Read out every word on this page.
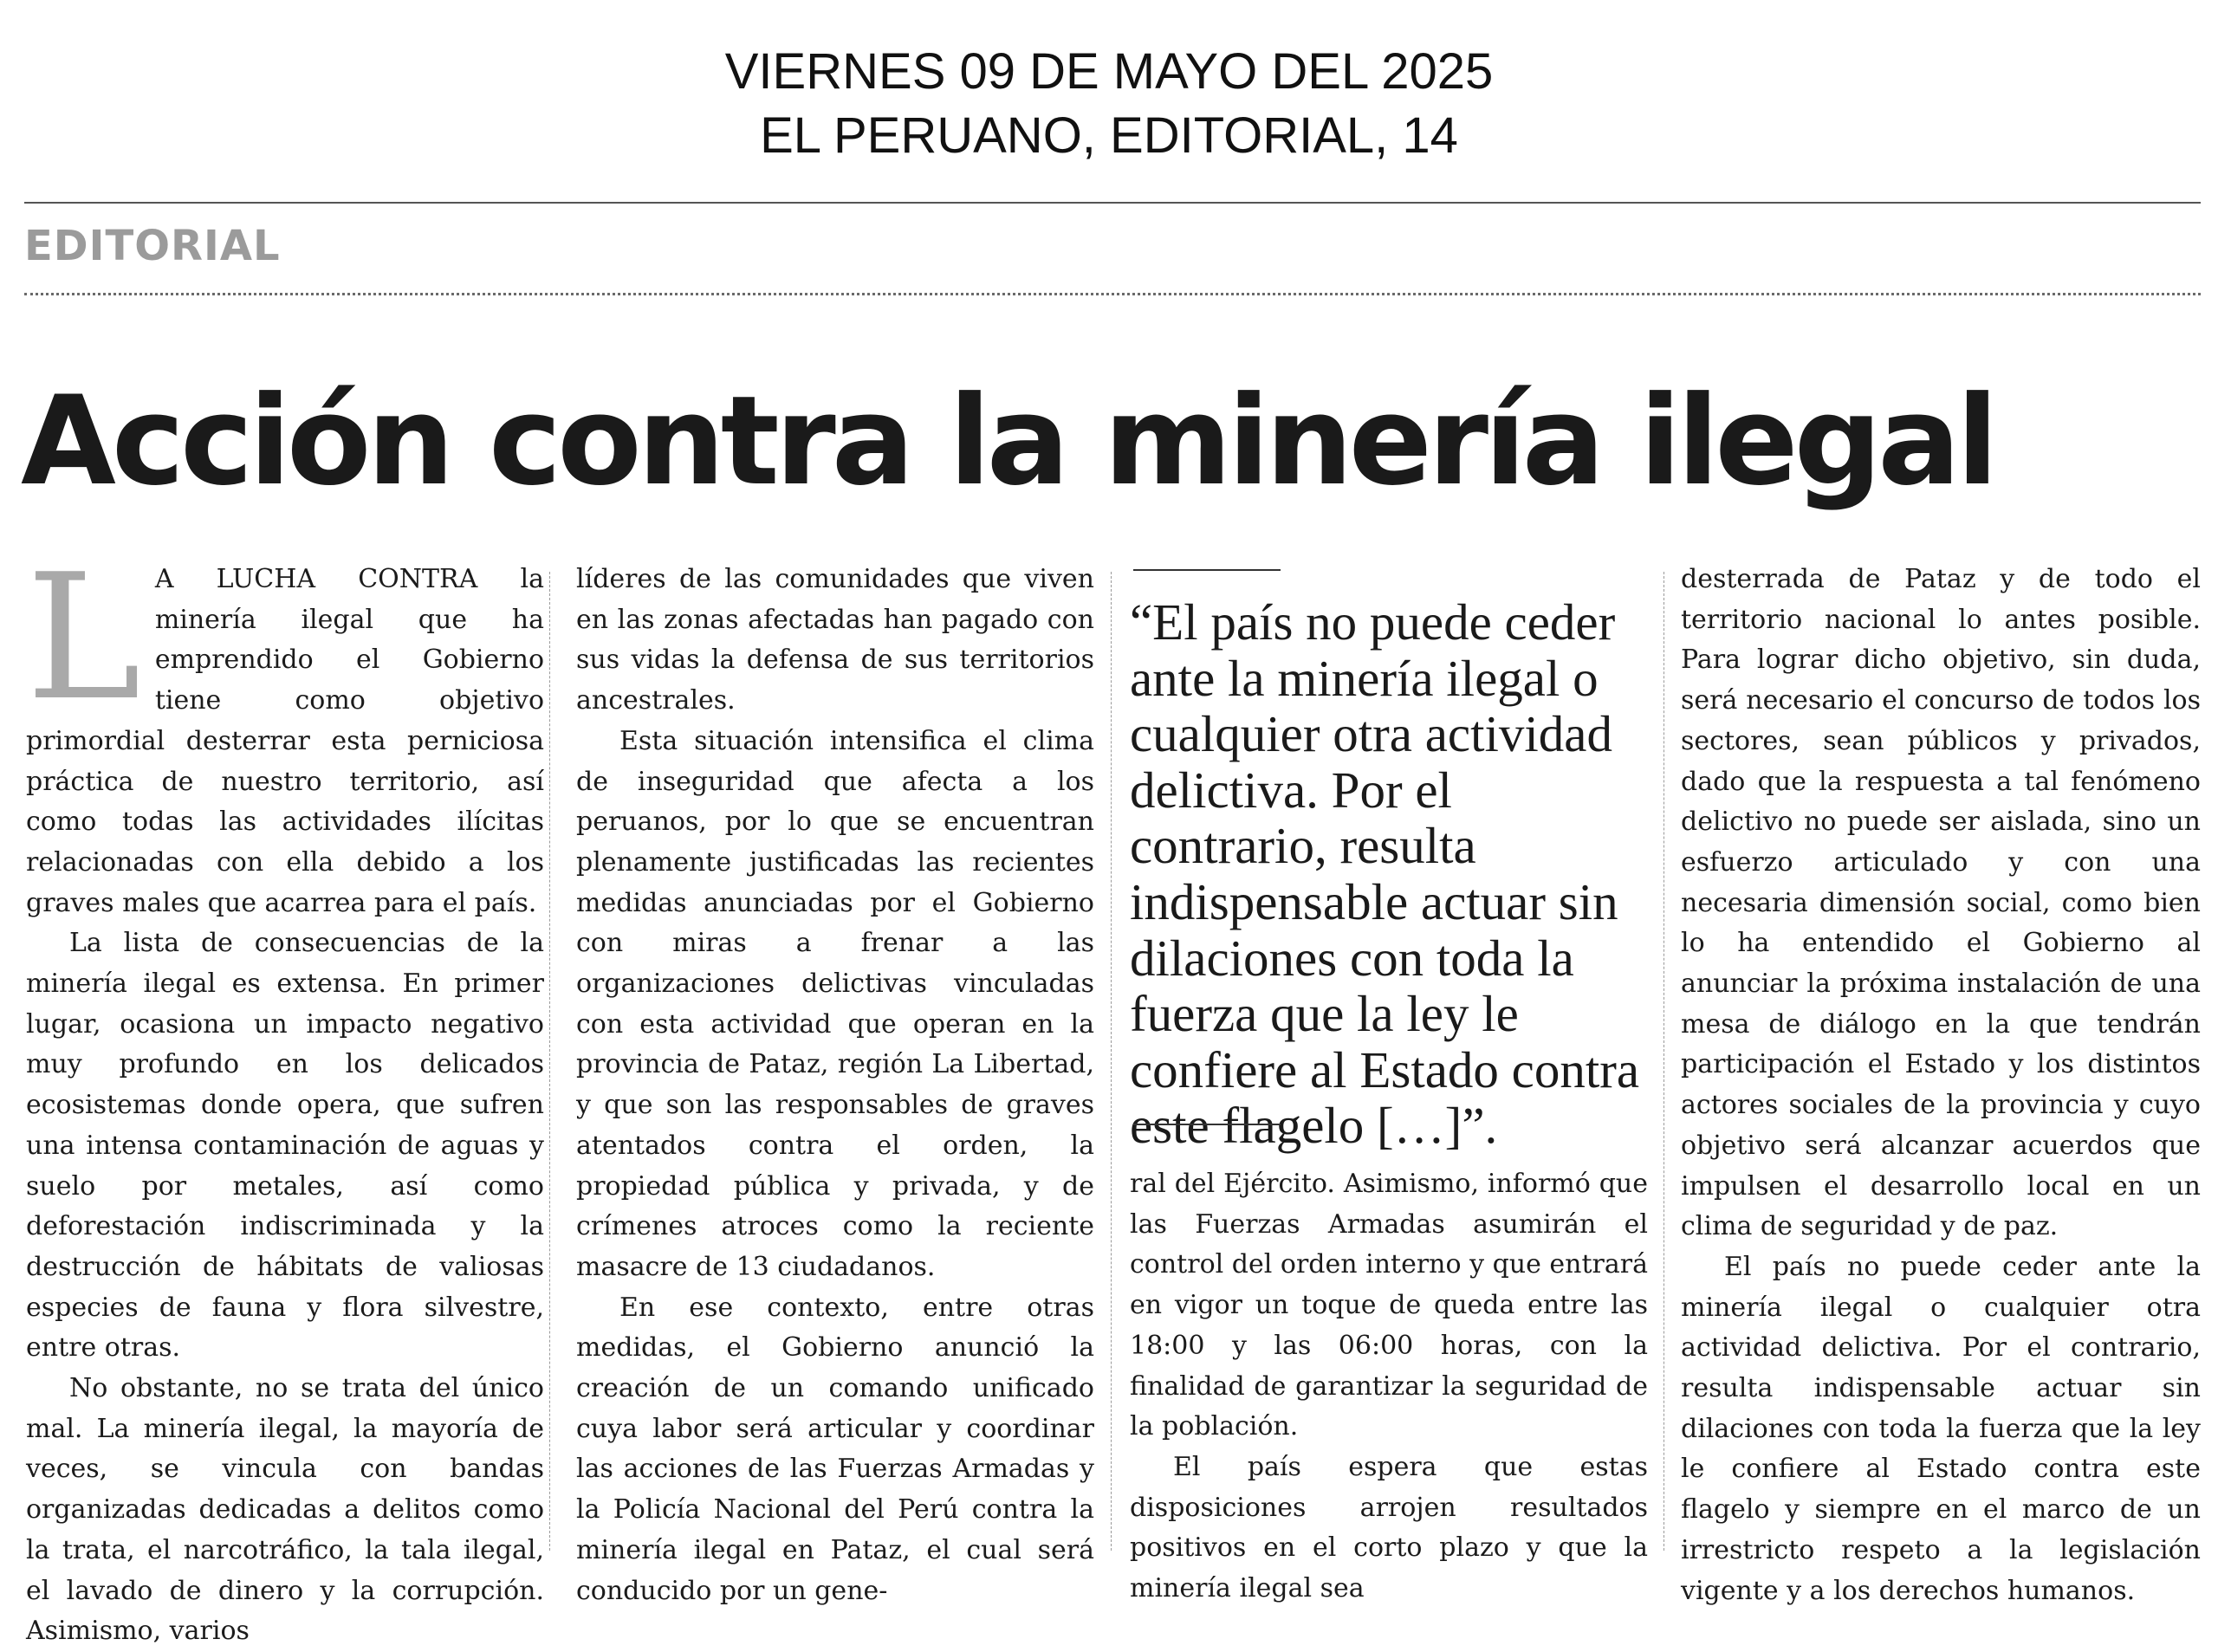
VIERNES 09 DE MAYO DEL 2025
EL PERUANO, EDITORIAL, 14
EDITORIAL
Acción contra la minería ilegal

L A LUCHA CONTRA la minería ilegal que ha emprendido el Gobierno tiene como objetivo primordial desterrar esta perniciosa práctica de nuestro territorio, así como todas las actividades ilícitas relacionadas con ella debido a los graves males que acarrea para el país.

La lista de consecuencias de la minería ilegal es extensa. En primer lugar, ocasiona un impacto negativo muy profundo en los delicados ecosistemas donde opera, que sufren una intensa contaminación de aguas y suelo por metales, así como deforestación indiscriminada y la destrucción de hábitats de valiosas especies de fauna y flora silvestre, entre otras.

No obstante, no se trata del único mal. La minería ilegal, la mayoría de veces, se vincula con bandas organizadas dedicadas a delitos como la trata, el narcotráfico, la tala ilegal, el lavado de dinero y la corrupción. Asimismo, varios

líderes de las comunidades que viven en las zonas afectadas han pagado con sus vidas la defensa de sus territorios ancestrales.

Esta situación intensifica el clima de inseguridad que afecta a los peruanos, por lo que se encuentran plenamente justificadas las recientes medidas anunciadas por el Gobierno con miras a frenar a las organizaciones delictivas vinculadas con esta actividad que operan en la provincia de Pataz, región La Libertad, y que son las responsables de graves atentados contra el orden, la propiedad pública y privada, y de crímenes atroces como la reciente masacre de 13 ciudadanos.

En ese contexto, entre otras medidas, el Gobierno anunció la creación de un comando unificado cuya labor será articular y coordinar las acciones de las Fuerzas Armadas y la Policía Nacional del Perú contra la minería ilegal en Pataz, el cual será conducido por un gene-

“El país no puede ceder ante la minería ilegal o cualquier otra actividad delictiva. Por el contrario, resulta indispensable actuar sin dilaciones con toda la fuerza que la ley le confiere al Estado contra este flagelo […]”.

ral del Ejército. Asimismo, informó que las Fuerzas Armadas asumirán el control del orden interno y que entrará en vigor un toque de queda entre las 18:00 y las 06:00 horas, con la finalidad de garantizar la seguridad de la población.

El país espera que estas disposiciones arrojen resultados positivos en el corto plazo y que la minería ilegal sea

desterrada de Pataz y de todo el territorio nacional lo antes posible. Para lograr dicho objetivo, sin duda, será necesario el concurso de todos los sectores, sean públicos y privados, dado que la respuesta a tal fenómeno delictivo no puede ser aislada, sino un esfuerzo articulado y con una necesaria dimensión social, como bien lo ha entendido el Gobierno al anunciar la próxima instalación de una mesa de diálogo en la que tendrán participación el Estado y los distintos actores sociales de la provincia y cuyo objetivo será alcanzar acuerdos que impulsen el desarrollo local en un clima de seguridad y de paz.

El país no puede ceder ante la minería ilegal o cualquier otra actividad delictiva. Por el contrario, resulta indispensable actuar sin dilaciones con toda la fuerza que la ley le confiere al Estado contra este flagelo y siempre en el marco de un irrestricto respeto a la legislación vigente y a los derechos humanos.
